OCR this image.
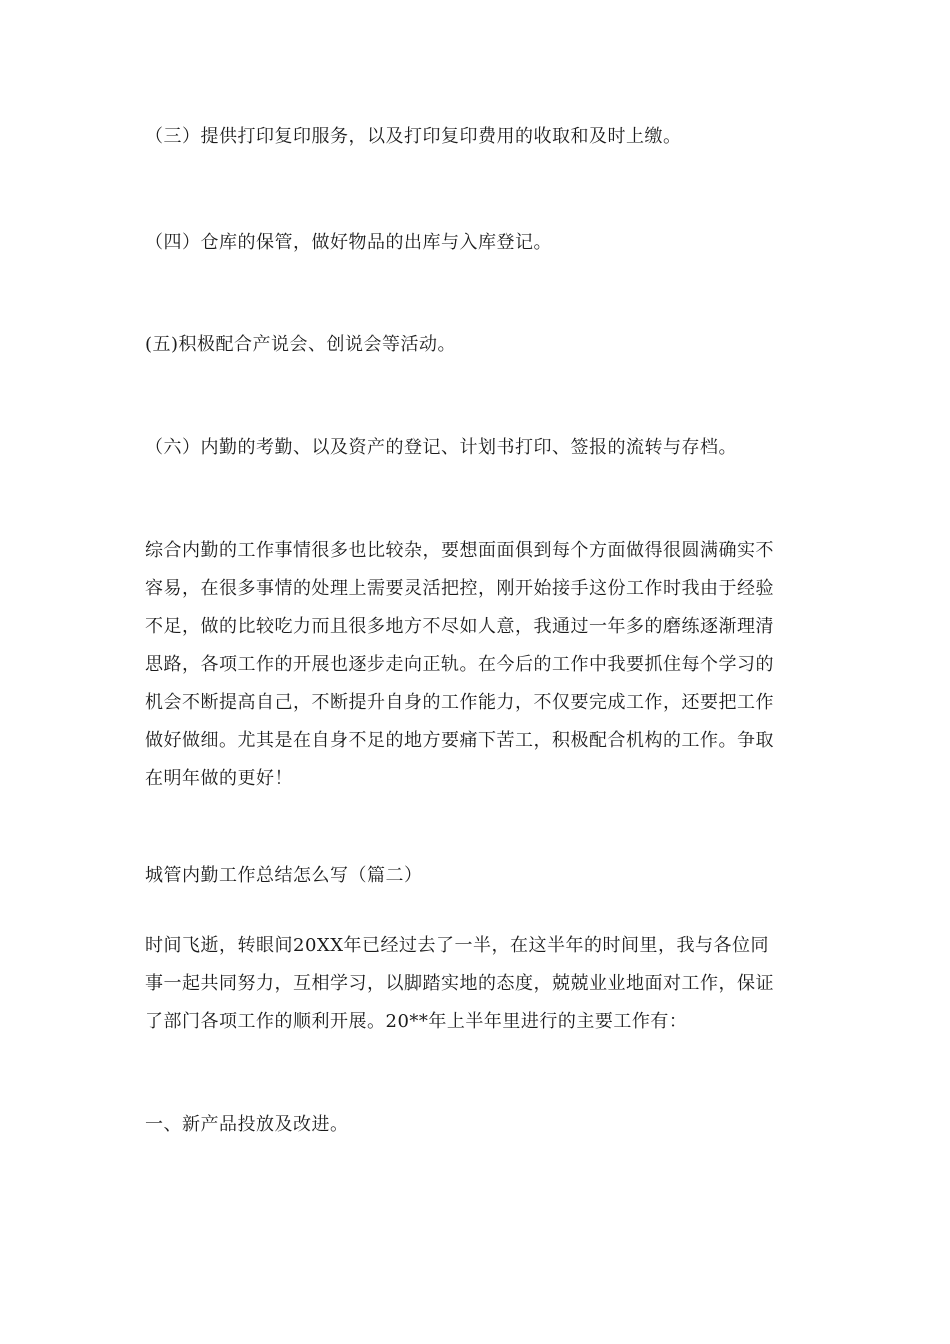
（三）提供打印复印服务，以及打印复印费用的收取和及时上缴。
（四）仓库的保管，做好物品的出库与入库登记。
(五)积极配合产说会、创说会等活动。
（六）内勤的考勤、以及资产的登记、计划书打印、签报的流转与存档。
综合内勤的工作事情很多也比较杂，要想面面俱到每个方面做得很圆满确实不
容易，在很多事情的处理上需要灵活把控，刚开始接手这份工作时我由于经验
不足，做的比较吃力而且很多地方不尽如人意，我通过一年多的磨练逐渐理清
思路，各项工作的开展也逐步走向正轨。在今后的工作中我要抓住每个学习的
机会不断提高自己，不断提升自身的工作能力，不仅要完成工作，还要把工作
做好做细。尤其是在自身不足的地方要痛下苦工，积极配合机构的工作。争取
在明年做的更好！
城管内勤工作总结怎么写（篇二）
时间飞逝，转眼间20XX年已经过去了一半，在这半年的时间里，我与各位同
事一起共同努力，互相学习，以脚踏实地的态度，兢兢业业地面对工作，保证
了部门各项工作的顺利开展。20**年上半年里进行的主要工作有：
一、新产品投放及改进。
